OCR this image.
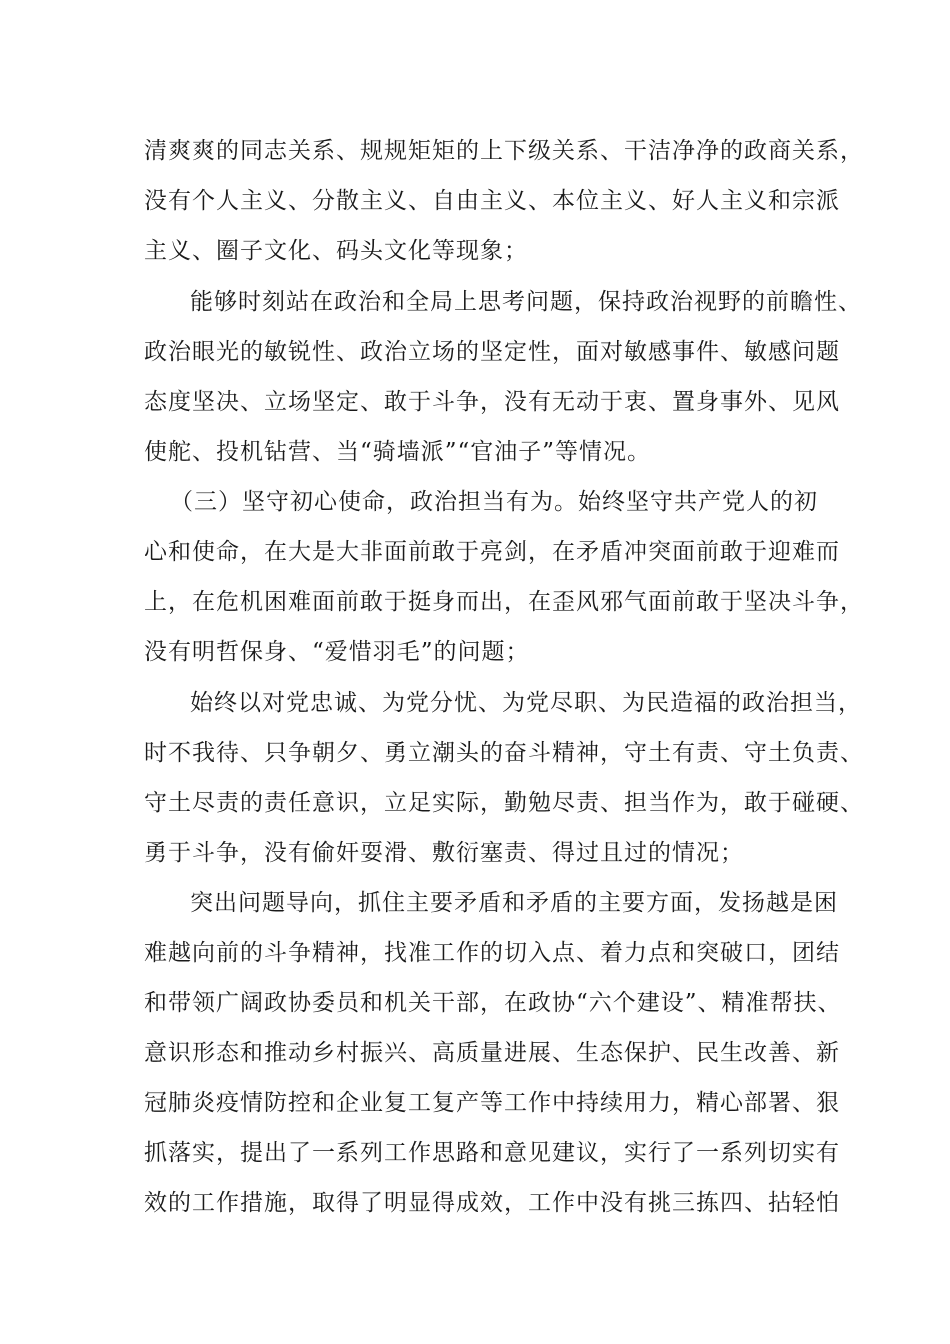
清爽爽的同志关系、规规矩矩的上下级关系、干洁净净的政商关系，
没有个人主义、分散主义、自由主义、本位主义、好人主义和宗派
主义、圈子文化、码头文化等现象；
能够时刻站在政治和全局上思考问题，保持政治视野的前瞻性、
政治眼光的敏锐性、政治立场的坚定性，面对敏感事件、敏感问题
态度坚决、立场坚定、敢于斗争，没有无动于衷、置身事外、见风
使舵、投机钻营、当“骑墙派”“官油子”等情况。
（三）坚守初心使命，政治担当有为。始终坚守共产党人的初
心和使命，在大是大非面前敢于亮剑，在矛盾冲突面前敢于迎难而
上，在危机困难面前敢于挺身而出，在歪风邪气面前敢于坚决斗争，
没有明哲保身、“爱惜羽毛”的问题；
始终以对党忠诚、为党分忧、为党尽职、为民造福的政治担当，
时不我待、只争朝夕、勇立潮头的奋斗精神，守土有责、守土负责、
守土尽责的责任意识，立足实际，勤勉尽责、担当作为，敢于碰硬、
勇于斗争，没有偷奸耍滑、敷衍塞责、得过且过的情况；
突出问题导向，抓住主要矛盾和矛盾的主要方面，发扬越是困
难越向前的斗争精神，找准工作的切入点、着力点和突破口，团结
和带领广阔政协委员和机关干部，在政协“六个建设”、精准帮扶、
意识形态和推动乡村振兴、高质量进展、生态保护、民生改善、新
冠肺炎疫情防控和企业复工复产等工作中持续用力，精心部署、狠
抓落实，提出了一系列工作思路和意见建议，实行了一系列切实有
效的工作措施，取得了明显得成效，工作中没有挑三拣四、拈轻怕
